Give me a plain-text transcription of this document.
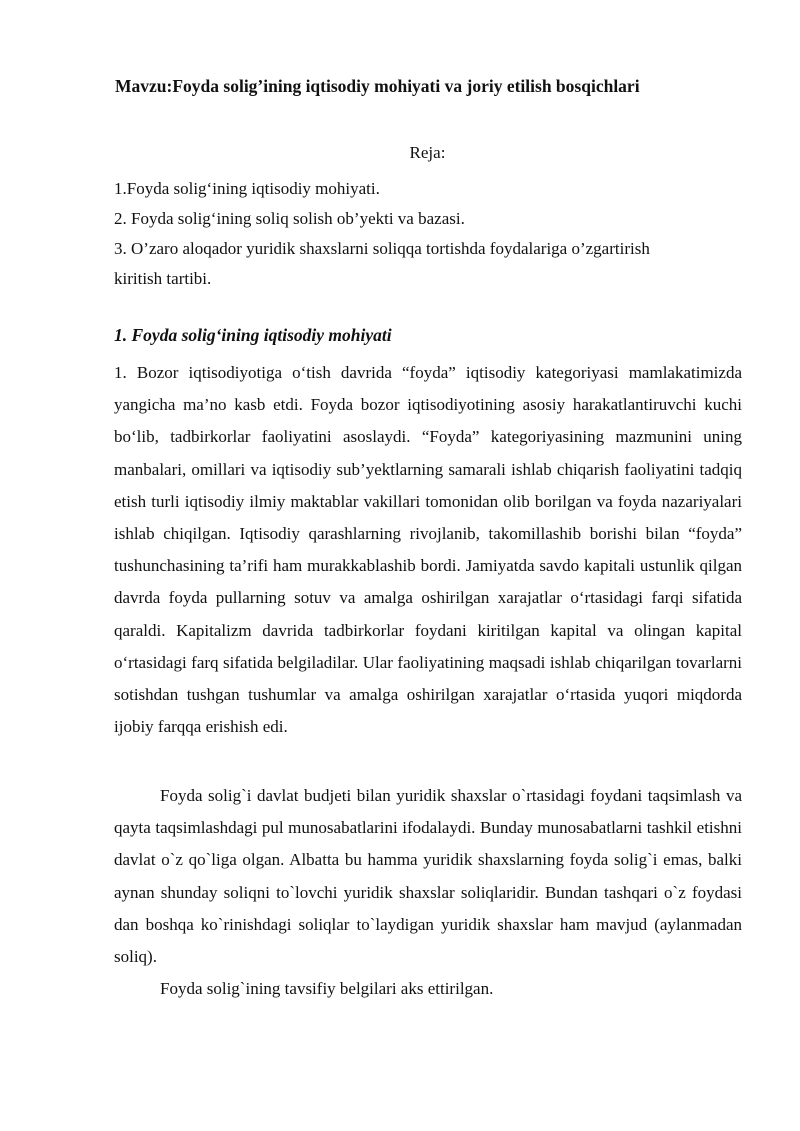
Mavzu:Foyda solig’ining iqtisodiy mohiyati va joriy etilish bosqichlari
Reja:
1.Foyda solig‘ining iqtisodiy mohiyati.
2. Foyda solig‘ining soliq solish ob’yekti va bazasi.
3. O’zaro aloqador yuridik shaxslarni soliqqa tortishda foydalariga o’zgartirish
kiritish tartibi.
1. Foyda solig‘ining iqtisodiy mohiyati

1. Bozor iqtisodiyotiga o‘tish davrida “foyda” iqtisodiy kategoriyasi mamlakatimizda yangicha ma’no kasb etdi. Foyda bozor iqtisodiyotining asosiy harakatlantiruvchi kuchi bo‘lib, tadbirkorlar faoliyatini asoslaydi. “Foyda” kategoriyasining mazmunini uning manbalari, omillari va iqtisodiy sub’yektlarning samarali ishlab chiqarish faoliyatini tadqiq etish turli iqtisodiy ilmiy maktablar vakillari tomonidan olib borilgan va foyda nazariyalari ishlab chiqilgan. Iqtisodiy qarashlarning rivojlanib, takomillashib borishi bilan “foyda” tushunchasining ta’rifi ham murakkablashib bordi. Jamiyatda savdo kapitali ustunlik qilgan davrda foyda pullarning sotuv va amalga oshirilgan xarajatlar o‘rtasidagi farqi sifatida qaraldi. Kapitalizm davrida tadbirkorlar foydani kiritilgan kapital va olingan kapital o‘rtasidagi farq sifatida belgiladilar. Ular faoliyatining maqsadi ishlab chiqarilgan tovarlarni sotishdan tushgan tushumlar va amalga oshirilgan xarajatlar o‘rtasida yuqori miqdorda ijobiy farqqa erishish edi.

Foyda solig`i davlat budjeti bilan yuridik shaxslar o`rtasidagi foydani taqsimlash va qayta taqsimlashdagi pul munosabatlarini ifodalaydi. Bunday munosabatlarni tashkil etishni davlat o`z qo`liga olgan. Albatta bu hamma yuridik shaxslarning foyda solig`i emas, balki aynan shunday soliqni to`lovchi yuridik shaxslar soliqlaridir. Bundan tashqari o`z foydasi dan boshqa ko`rinishdagi soliqlar to`laydigan yuridik shaxslar ham mavjud (aylanmadan soliq).

Foyda solig`ining tavsifiy belgilari aks ettirilgan.
